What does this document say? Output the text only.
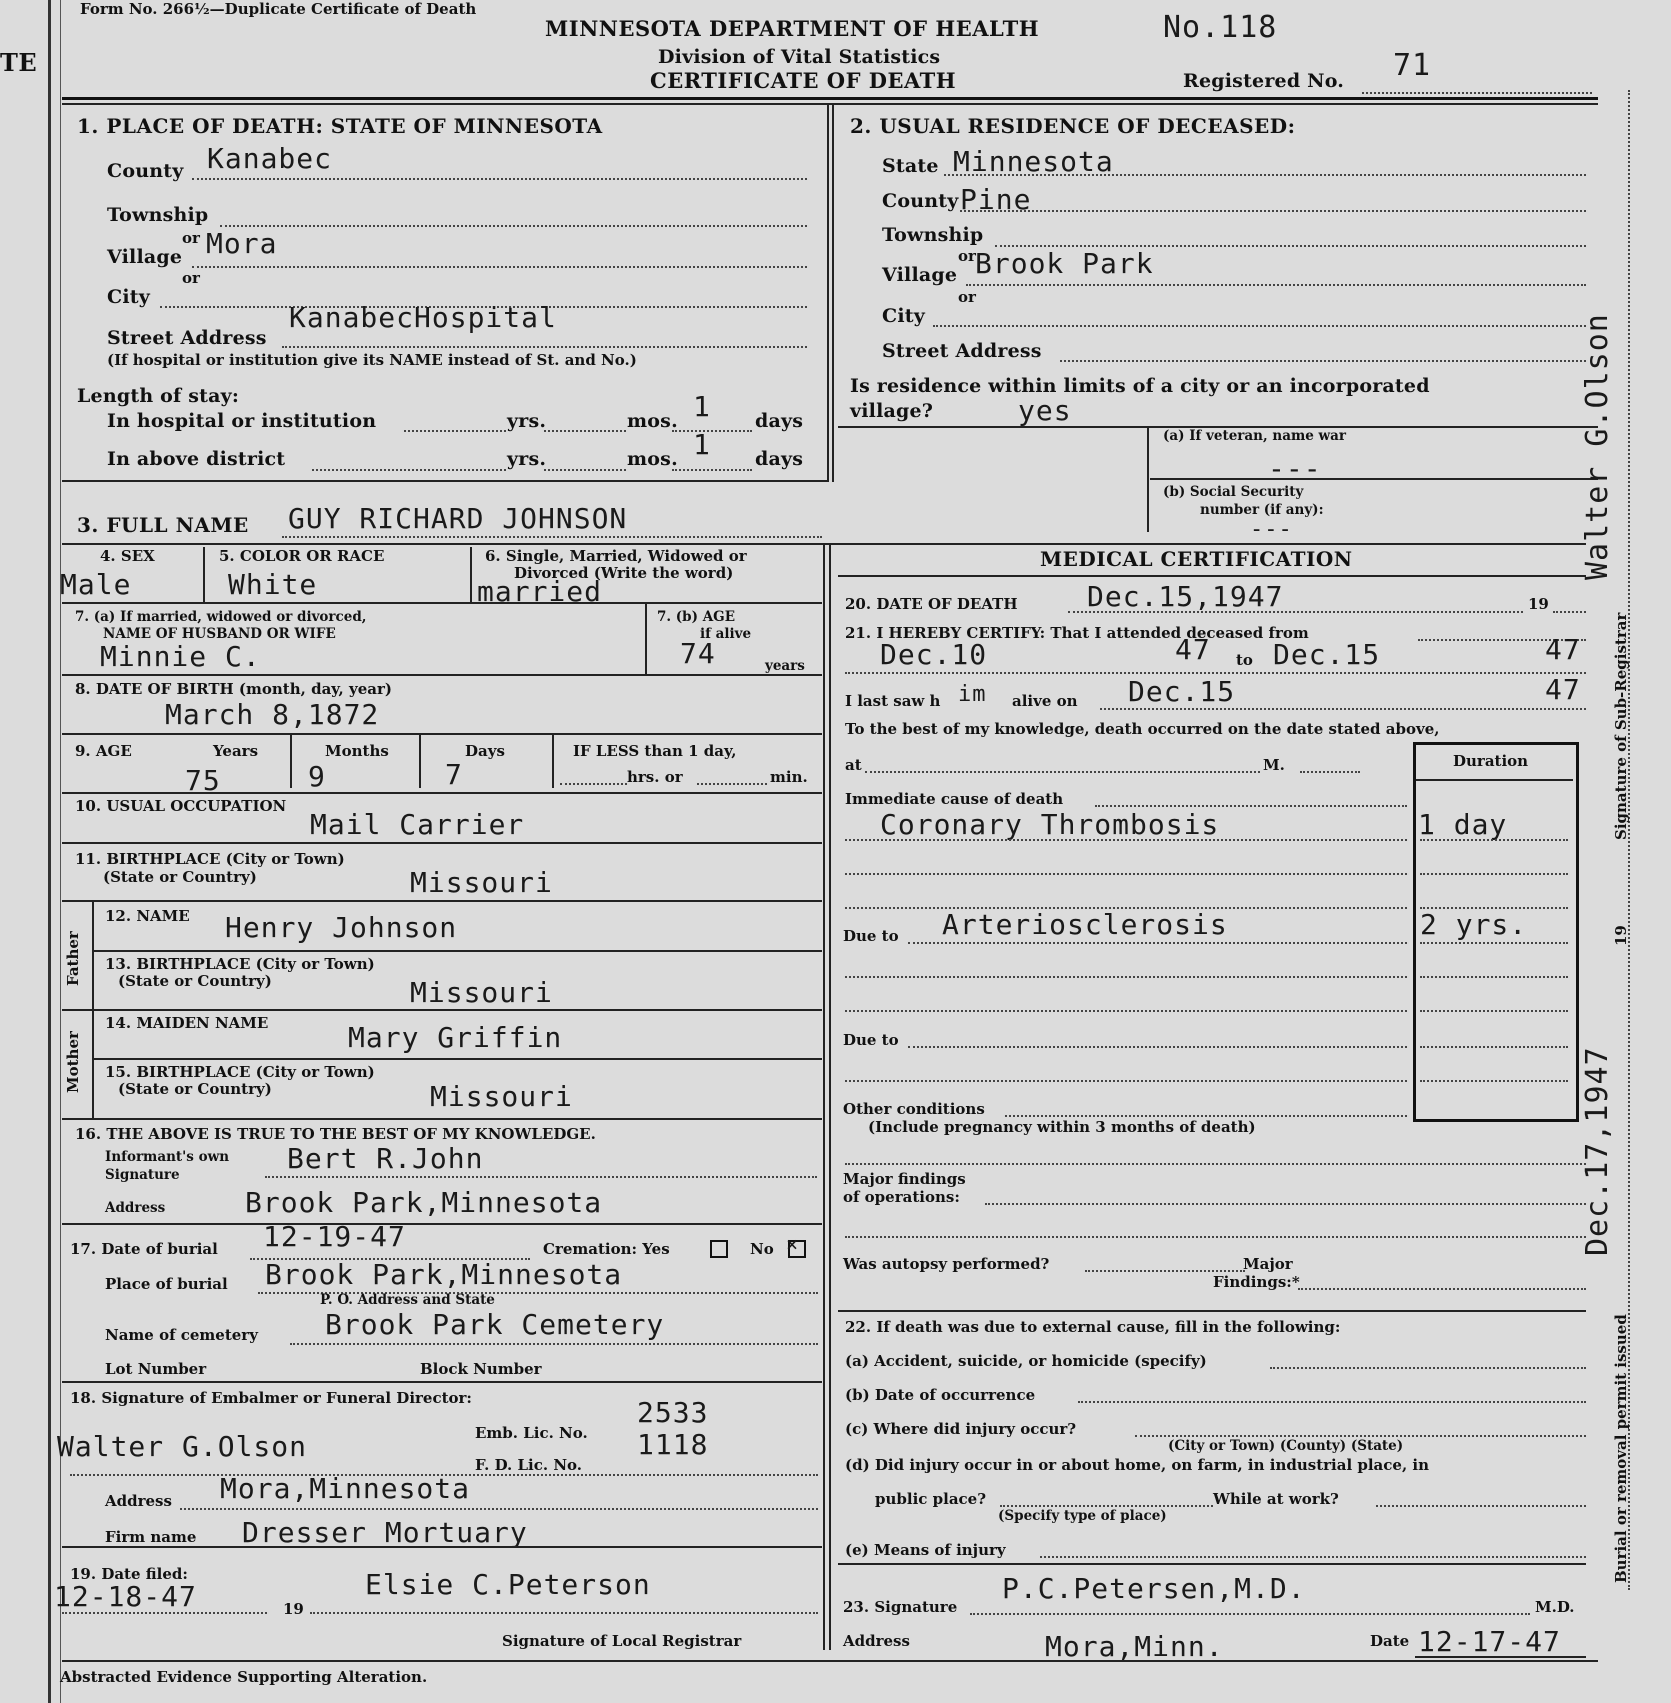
TE
Form No. 266½—Duplicate Certificate of Death
MINNESOTA DEPARTMENT OF HEALTH
Division of Vital Statistics
CERTIFICATE OF DEATH
No.118
Registered No. 71
1. PLACE OF DEATH: STATE OF MINNESOTA
County Kanabec
Township
or
Village Mora
or
City
Street Address
KanabecHospital
(If hospital or institution give its NAME instead of St. and No.)
Length of stay:
In hospital or institution	yrs.	mos. 1 days
In above district	yrs.	mos. 1 days
2. USUAL RESIDENCE OF DECEASED:
State Minnesota
County Pine
Township
or
Village Brook Park
or
City
Street Address
Is residence within limits of a city or an incorporated
village?	yes
(a) If veteran, name war
---
(b) Social Security
number (if any):
---
3. FULL NAME GUY RICHARD JOHNSON
4. SEX
Male
5. COLOR OR RACE
White
6. Single, Married, Widowed or
Divorced (Write the word)
married
7. (a) If married, widowed or divorced,
NAME OF HUSBAND OR WIFE
Minnie C.
7. (b) AGE
if alive
74	years
8. DATE OF BIRTH (month, day, year)
March 8,1872
9. AGE	Years
75
Months
9
Days
7
IF LESS than 1 day,
hrs. or	min.
10. USUAL OCCUPATION
Mail Carrier
11. BIRTHPLACE (City or Town)
(State or Country)	Missouri
Father
Mother
12. NAME Henry Johnson
13. BIRTHPLACE (City or Town)
(State or Country)	Missouri
14. MAIDEN NAME	Mary Griffin
15. BIRTHPLACE (City or Town)
(State or Country)	Missouri
16. THE ABOVE IS TRUE TO THE BEST OF MY KNOWLEDGE.
Informant's own
Signature	Bert R.John
Address	Brook Park,Minnesota
17. Date of burial 12-19-47	Cremation: Yes	No ×
Place of burial Brook Park,Minnesota
P. O. Address and State
Name of cemetery Brook Park Cemetery
Lot Number	Block Number
18. Signature of Embalmer or Funeral Director:
Emb. Lic. No.
2533
Walter G.Olson
F. D. Lic. No.
1118
Address Mora,Minnesota
Firm name Dresser Mortuary
19. Date filed:
12-18-47	19
Elsie C.Peterson
Signature of Local Registrar
MEDICAL CERTIFICATION
20. DATE OF DEATH Dec.15,1947	19
21. I HEREBY CERTIFY: That I attended deceased from
Dec.10	47 to Dec.15	47
I last saw h im alive on Dec.15	47
To the best of my knowledge, death occurred on the date stated above,
at	M.	Duration
Immediate cause of death
Coronary Thrombosis	1 day
Due to Arteriosclerosis	2 yrs.
Due to
Other conditions
(Include pregnancy within 3 months of death)
Major findings
of operations:
Was autopsy performed?	Major
Findings:*
22. If death was due to external cause, fill in the following:
(a) Accident, suicide, or homicide (specify)
(b) Date of occurrence
(c) Where did injury occur?
(City or Town) (County) (State)
(d) Did injury occur in or about home, on farm, in industrial place, in
public place?	While at work?
(Specify type of place)
(e) Means of injury
23. Signature
P.C.Petersen,M.D.
M.D.
Address	Mora,Minn.	Date 12-17-47
Walter G.Olson
Signature of Sub-Registrar
19
Dec.17,1947
Burial or removal permit issued
Abstracted Evidence Supporting Alteration.
